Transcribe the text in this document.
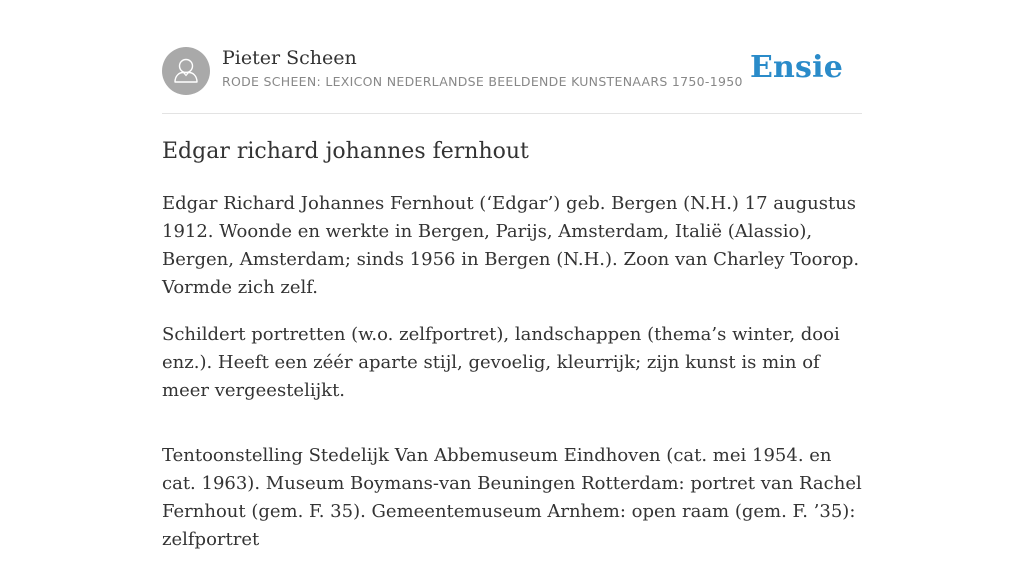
Pieter Scheen
RODE SCHEEN: LEXICON NEDERLANDSE BEELDENDE KUNSTENAARS 1750-1950 Ensie
Edgar richard johannes fernhout

Edgar Richard Johannes Fernhout (‘Edgar’) geb. Bergen (N.H.) 17 augustus 1912. Woonde en werkte in Bergen, Parijs, Amsterdam, Italië (Alassio), Bergen, Amsterdam; sinds 1956 in Bergen (N.H.). Zoon van Charley Toorop. Vormde zich zelf.

Schildert portretten (w.o. zelfportret), landschappen (thema’s winter, dooi enz.). Heeft een zéér aparte stijl, gevoelig, kleurrijk; zijn kunst is min of meer vergeestelijkt.

Tentoonstelling Stedelijk Van Abbemuseum Eindhoven (cat. mei 1954. en cat. 1963). Museum Boymans-van Beuningen Rotterdam: portret van Rachel Fernhout (gem. F. 35). Gemeentemuseum Arnhem: open raam (gem. F. ’35): zelfportret
